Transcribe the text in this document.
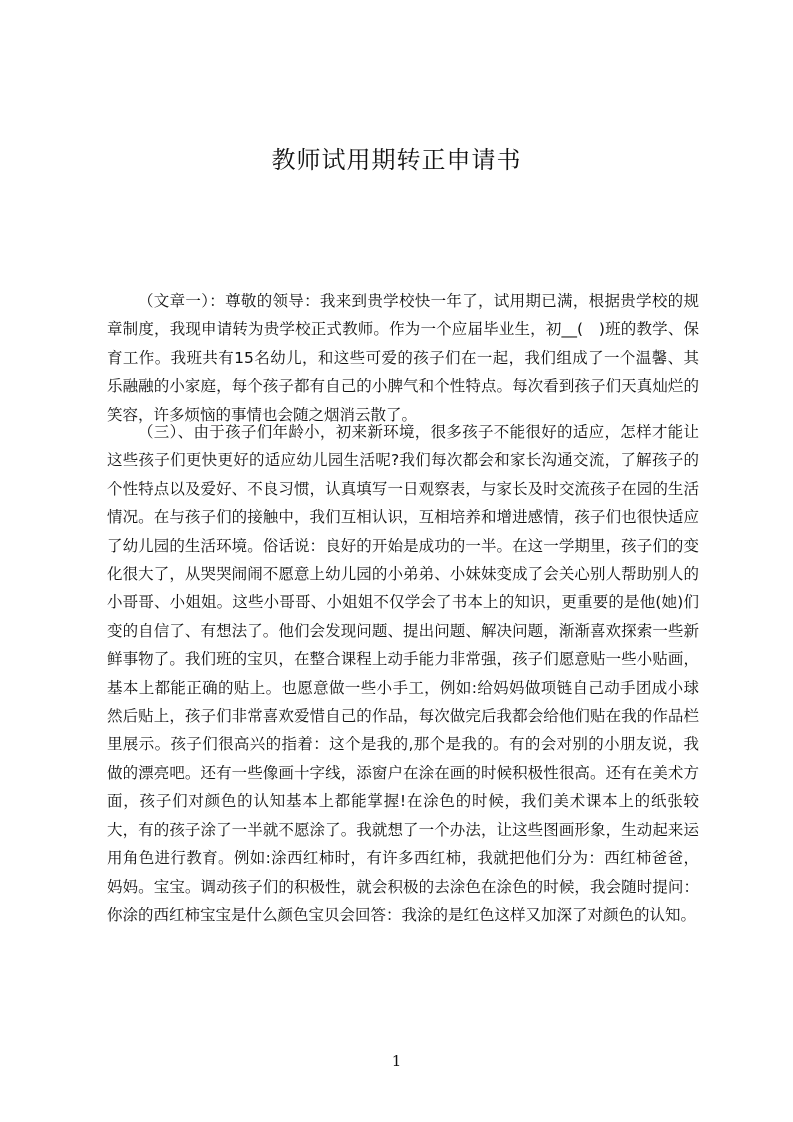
教师试用期转正申请书
（文章一）：尊敬的领导：我来到贵学校快一年了，试用期已满，根据贵学校的规章制度，我现申请转为贵学校正式教师。作为一个应届毕业生，初__(　)班的教学、保育工作。我班共有15名幼儿，和这些可爱的孩子们在一起，我们组成了一个温馨、其乐融融的小家庭，每个孩子都有自己的小脾气和个性特点。每次看到孩子们天真灿烂的笑容，许多烦恼的事情也会随之烟消云散了。
（三）、由于孩子们年龄小，初来新环境，很多孩子不能很好的适应，怎样才能让这些孩子们更快更好的适应幼儿园生活呢?我们每次都会和家长沟通交流，了解孩子的个性特点以及爱好、不良习惯，认真填写一日观察表，与家长及时交流孩子在园的生活情况。在与孩子们的接触中，我们互相认识，互相培养和增进感情，孩子们也很快适应了幼儿园的生活环境。俗话说：良好的开始是成功的一半。在这一学期里，孩子们的变化很大了，从哭哭闹闹不愿意上幼儿园的小弟弟、小妹妹变成了会关心别人帮助别人的小哥哥、小姐姐。这些小哥哥、小姐姐不仅学会了书本上的知识，更重要的是他(她)们变的自信了、有想法了。他们会发现问题、提出问题、解决问题，渐渐喜欢探索一些新鲜事物了。我们班的宝贝，在整合课程上动手能力非常强，孩子们愿意贴一些小贴画，基本上都能正确的贴上。也愿意做一些小手工，例如:给妈妈做项链自己动手团成小球然后贴上，孩子们非常喜欢爱惜自己的作品，每次做完后我都会给他们贴在我的作品栏里展示。孩子们很高兴的指着：这个是我的,那个是我的。有的会对别的小朋友说，我做的漂亮吧。还有一些像画十字线，添窗户在涂在画的时候积极性很高。还有在美术方面，孩子们对颜色的认知基本上都能掌握!在涂色的时候，我们美术课本上的纸张较大，有的孩子涂了一半就不愿涂了。我就想了一个办法，让这些图画形象，生动起来运用角色进行教育。例如:涂西红柿时，有许多西红柿，我就把他们分为：西红柿爸爸，妈妈。宝宝。调动孩子们的积极性，就会积极的去涂色在涂色的时候，我会随时提问：你涂的西红柿宝宝是什么颜色宝贝会回答：我涂的是红色这样又加深了对颜色的认知。
1
